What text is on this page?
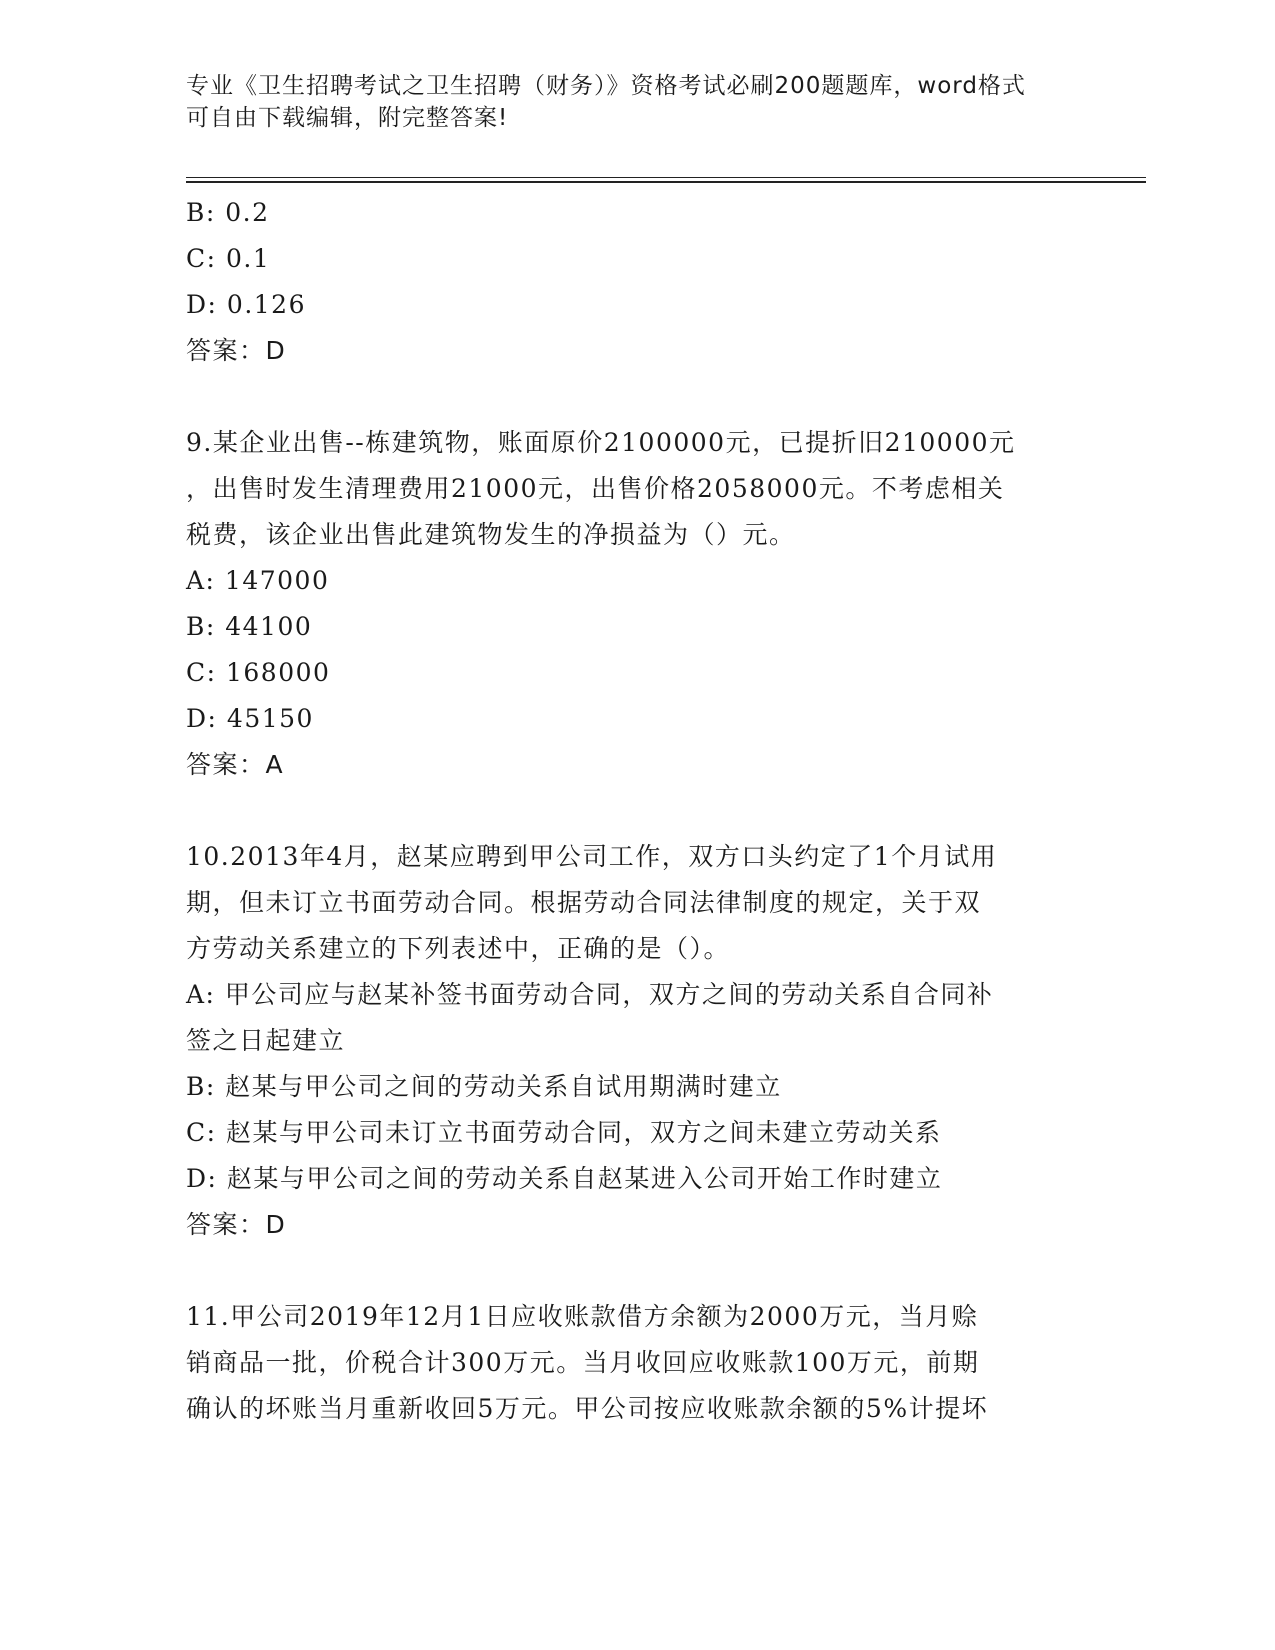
专业《卫生招聘考试之卫生招聘（财务）》资格考试必刷200题题库，word格式
可自由下载编辑，附完整答案!
B: 0.2
C: 0.1
D: 0.126
答案：D
9.某企业出售--栋建筑物，账面原价2100000元，已提折旧210000元
，出售时发生清理费用21000元，出售价格2058000元。不考虑相关
税费，该企业出售此建筑物发生的净损益为（）元。
A: 147000
B: 44100
C: 168000
D: 45150
答案：A
10.2013年4月，赵某应聘到甲公司工作，双方口头约定了1个月试用
期，但未订立书面劳动合同。根据劳动合同法律制度的规定，关于双
方劳动关系建立的下列表述中，正确的是（）。
A: 甲公司应与赵某补签书面劳动合同，双方之间的劳动关系自合同补
签之日起建立
B: 赵某与甲公司之间的劳动关系自试用期满时建立
C: 赵某与甲公司未订立书面劳动合同，双方之间未建立劳动关系
D: 赵某与甲公司之间的劳动关系自赵某进入公司开始工作时建立
答案：D
11.甲公司2019年12月1日应收账款借方余额为2000万元，当月赊
销商品一批，价税合计300万元。当月收回应收账款100万元，前期
确认的坏账当月重新收回5万元。甲公司按应收账款余额的5%计提坏
